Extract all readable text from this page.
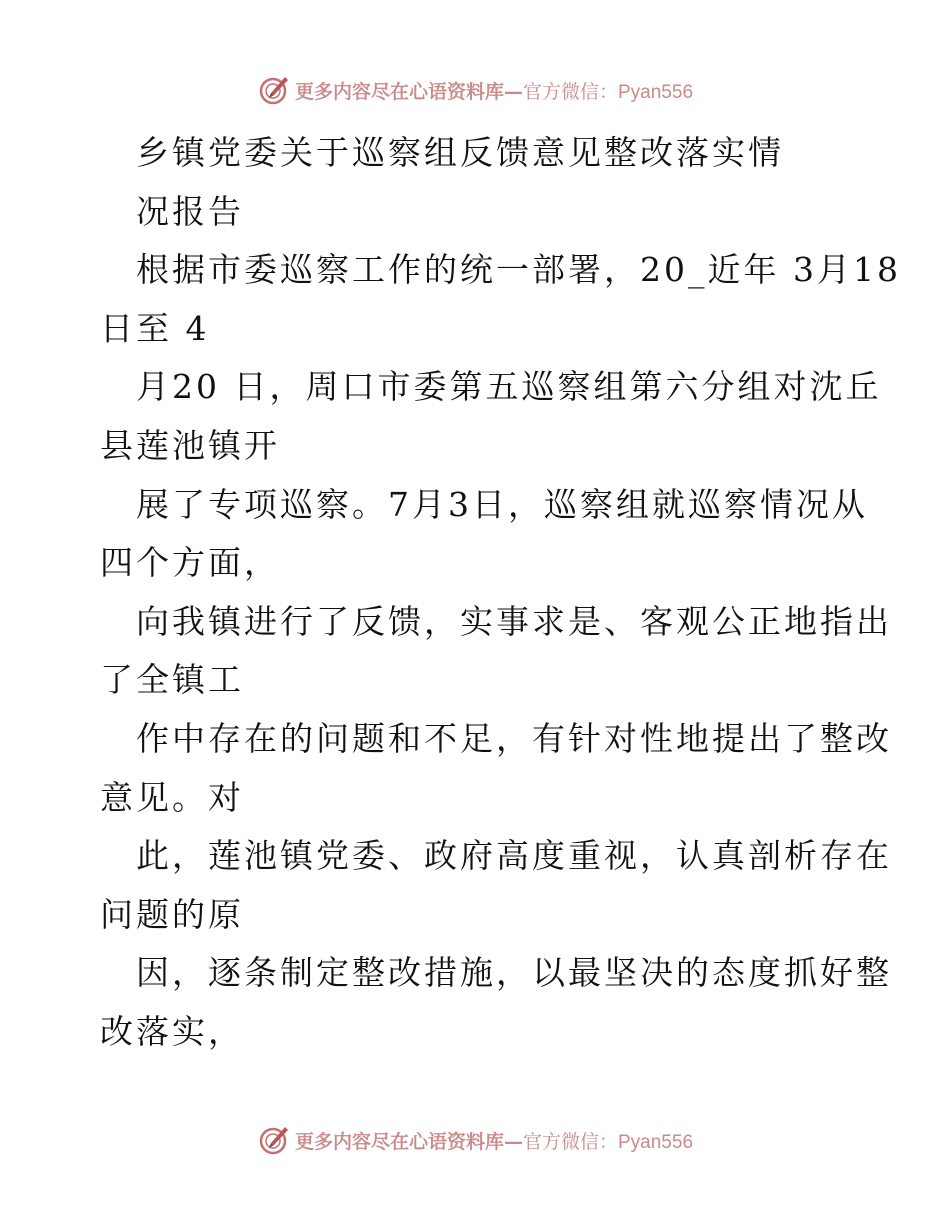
更多内容尽在心语资料库— 官方微信：Pyan556
乡镇党委关于巡察组反馈意见整改落实情
况报告
根据市委巡察工作的统一部署，20_近年 3月18
日至 4
月20 日，周口市委第五巡察组第六分组对沈丘
县莲池镇开
展了专项巡察。7月3日，巡察组就巡察情况从
四个方面，
向我镇进行了反馈，实事求是、客观公正地指出
了全镇工
作中存在的问题和不足，有针对性地提出了整改
意见。对
此，莲池镇党委、政府高度重视，认真剖析存在
问题的原
因，逐条制定整改措施，以最坚决的态度抓好整
改落实，
更多内容尽在心语资料库— 官方微信：Pyan556
